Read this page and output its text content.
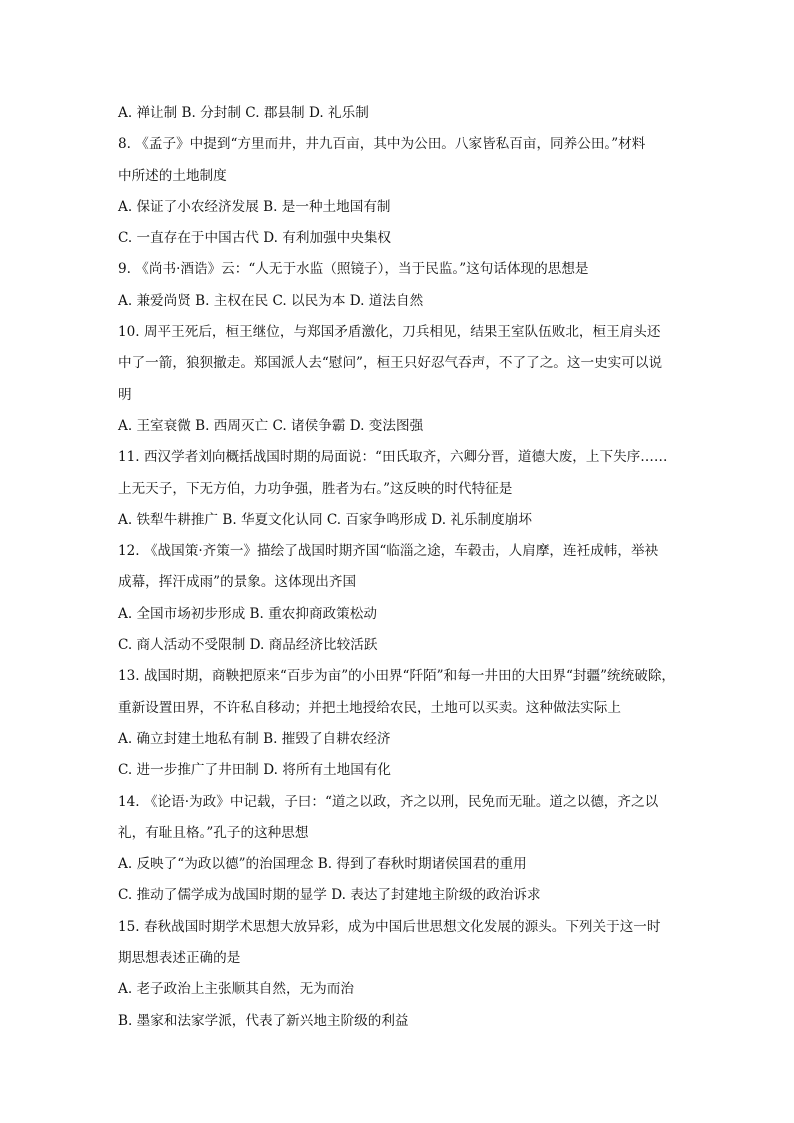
A. 禅让制 B. 分封制 C. 郡县制 D. 礼乐制
8. 《孟子》中提到“方里而井，井九百亩，其中为公田。八家皆私百亩，同养公田。”材料
中所述的土地制度
A. 保证了小农经济发展 B. 是一种土地国有制
C. 一直存在于中国古代 D. 有利加强中央集权
9. 《尚书·酒诰》云：“人无于水监（照镜子），当于民监。”这句话体现的思想是
A. 兼爱尚贤 B. 主权在民 C. 以民为本 D. 道法自然
10. 周平王死后，桓王继位，与郑国矛盾激化，刀兵相见，结果王室队伍败北，桓王肩头还
中了一箭，狼狈撤走。郑国派人去“慰问”，桓王只好忍气吞声，不了了之。这一史实可以说
明
A. 王室衰微 B. 西周灭亡 C. 诸侯争霸 D. 变法图强
11. 西汉学者刘向概括战国时期的局面说：“田氏取齐，六卿分晋，道德大废，上下失序……
上无天子，下无方伯，力功争强，胜者为右。”这反映的时代特征是
A. 铁犁牛耕推广 B. 华夏文化认同 C. 百家争鸣形成 D. 礼乐制度崩坏
12. 《战国策·齐策一》描绘了战国时期齐国“临淄之途，车毂击，人肩摩，连衽成帏，举袂
成幕，挥汗成雨”的景象。这体现出齐国
A. 全国市场初步形成 B. 重农抑商政策松动
C. 商人活动不受限制 D. 商品经济比较活跃
13. 战国时期，商鞅把原来“百步为亩”的小田界“阡陌”和每一井田的大田界“封疆”统统破除，
重新设置田界，不许私自移动；并把土地授给农民，土地可以买卖。这种做法实际上
A. 确立封建土地私有制 B. 摧毁了自耕农经济
C. 进一步推广了井田制 D. 将所有土地国有化
14. 《论语·为政》中记载，子曰：“道之以政，齐之以刑，民免而无耻。道之以德，齐之以
礼，有耻且格。”孔子的这种思想
A. 反映了“为政以德”的治国理念 B. 得到了春秋时期诸侯国君的重用
C. 推动了儒学成为战国时期的显学 D. 表达了封建地主阶级的政治诉求
15. 春秋战国时期学术思想大放异彩，成为中国后世思想文化发展的源头。下列关于这一时
期思想表述正确的是
A. 老子政治上主张顺其自然，无为而治
B. 墨家和法家学派，代表了新兴地主阶级的利益
